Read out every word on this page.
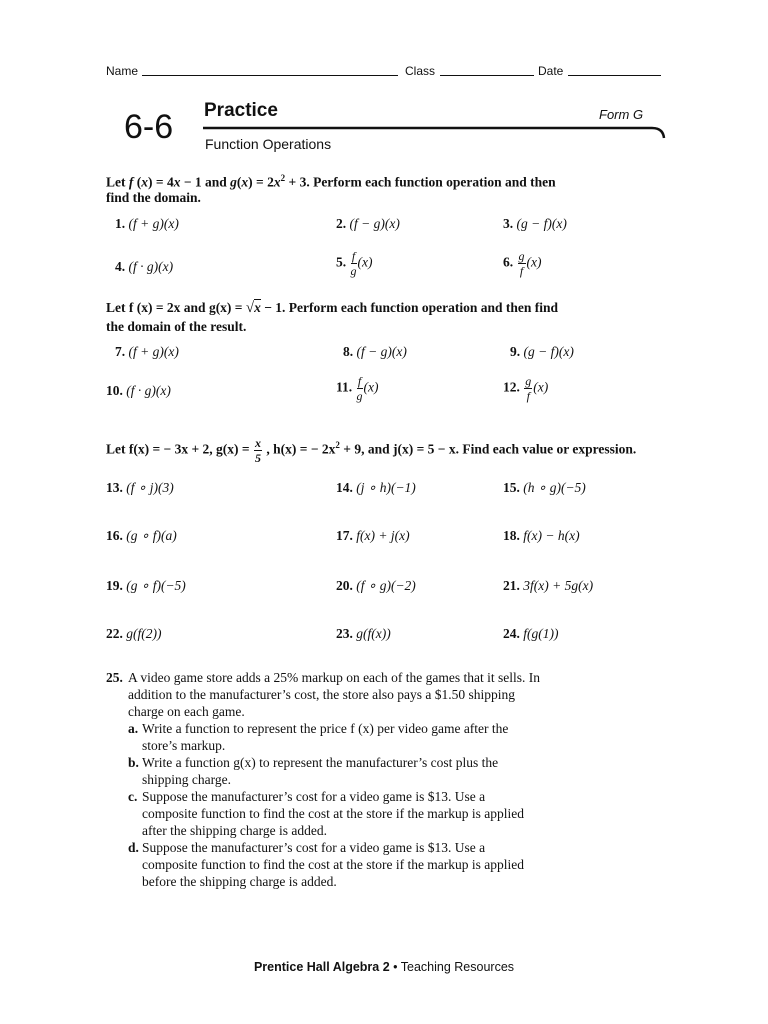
Name	Class	Date
6-6 Practice	Form G
Function Operations
Let f (x) = 4x − 1 and $g(x) = 2x^2 + 3$. Perform each function operation and then
find the domain.
1. (f + g)(x)	2. (f − g)(x)	3. (g − f)(x)
4. (f · g)(x)	5. $\frac{f}{g} (x)$	6. $\frac{g}{f} (x)$
Let f (x) = 2x and g(x) = √x − 1. Perform each function operation and then find
the domain of the result.
7. (f + g)(x)	8. (f − g)(x)	9. (g − f)(x)
10. (f · g)(x)	11. $\frac{f}{g} (x)$	12. $\frac{g}{f} (x)$
Let f(x) = − 3x + 2, $g(x) = \frac{x}{5}$ , h(x) = − $2x^2 + 9$, and j(x) = 5 − x. Find each value or expression.
13. (f ∘ j)(3)	14. (j ∘ h)(−1)	15. (h ∘ g)(−5)
16. (g ∘ f)(a)	17. f(x) + j(x)	18. f(x) − h(x)
19. (g ∘ f)(−5)	20. (f ∘ g)(−2)	21. 3f(x) + 5g(x)
22. g(f(2))	23. g(f(x))	24. f(g(1))
25. A video game store adds a 25% markup on each of the games that it sells. In
addition to the manufacturer’s cost, the store also pays a $1.50 shipping
charge on each game.
a. Write a function to represent the price f (x) per video game after the
store’s markup.
b. Write a function g(x) to represent the manufacturer’s cost plus the
shipping charge.
c. Suppose the manufacturer’s cost for a video game is $13. Use a
composite function to find the cost at the store if the markup is applied
after the shipping charge is added.
d. Suppose the manufacturer’s cost for a video game is $13. Use a
composite function to find the cost at the store if the markup is applied
before the shipping charge is added.
Prentice Hall Algebra 2 • Teaching Resources
